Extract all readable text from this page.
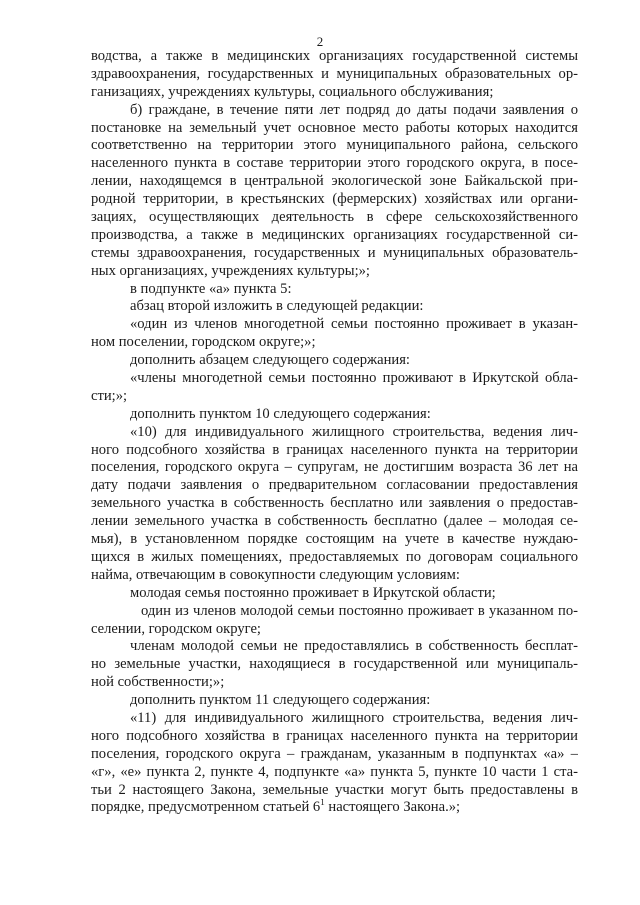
2
водства, а также в медицинских организациях государственной системы
здравоохранения, государственных и муниципальных образовательных ор-
ганизациях, учреждениях культуры, социального обслуживания;
б) граждане, в течение пяти лет подряд до даты подачи заявления о
постановке на земельный учет основное место работы которых находится
соответственно на территории этого муниципального района, сельского
населенного пункта в составе территории этого городского округа, в посе-
лении, находящемся в центральной экологической зоне Байкальской при-
родной территории, в крестьянских (фермерских) хозяйствах или органи-
зациях, осуществляющих деятельность в сфере сельскохозяйственного
производства, а также в медицинских организациях государственной си-
стемы здравоохранения, государственных и муниципальных образователь-
ных организациях, учреждениях культуры;»;
в подпункте «а» пункта 5:
абзац второй изложить в следующей редакции:
«один из членов многодетной семьи постоянно проживает в указан-
ном поселении, городском округе;»;
дополнить абзацем следующего содержания:
«члены многодетной семьи постоянно проживают в Иркутской обла-
сти;»;
дополнить пунктом 10 следующего содержания:
«10) для индивидуального жилищного строительства, ведения лич-
ного подсобного хозяйства в границах населенного пункта на территории
поселения, городского округа – супругам, не достигшим возраста 36 лет на
дату подачи заявления о предварительном согласовании предоставления
земельного участка в собственность бесплатно или заявления о предостав-
лении земельного участка в собственность бесплатно (далее – молодая се-
мья), в установленном порядке состоящим на учете в качестве нуждаю-
щихся в жилых помещениях, предоставляемых по договорам социального
найма, отвечающим в совокупности следующим условиям:
молодая семья постоянно проживает в Иркутской области;
один из членов молодой семьи постоянно проживает в указанном по-
селении, городском округе;
членам молодой семьи не предоставлялись в собственность бесплат-
но земельные участки, находящиеся в государственной или муниципаль-
ной собственности;»;
дополнить пунктом 11 следующего содержания:
«11) для индивидуального жилищного строительства, ведения лич-
ного подсобного хозяйства в границах населенного пункта на территории
поселения, городского округа – гражданам, указанным в подпунктах «а» –
«г», «е» пункта 2, пункте 4, подпункте «а» пункта 5, пункте 10 части 1 ста-
тьи 2 настоящего Закона, земельные участки могут быть предоставлены в
порядке, предусмотренном статьей $6^1$ настоящего Закона.»;
